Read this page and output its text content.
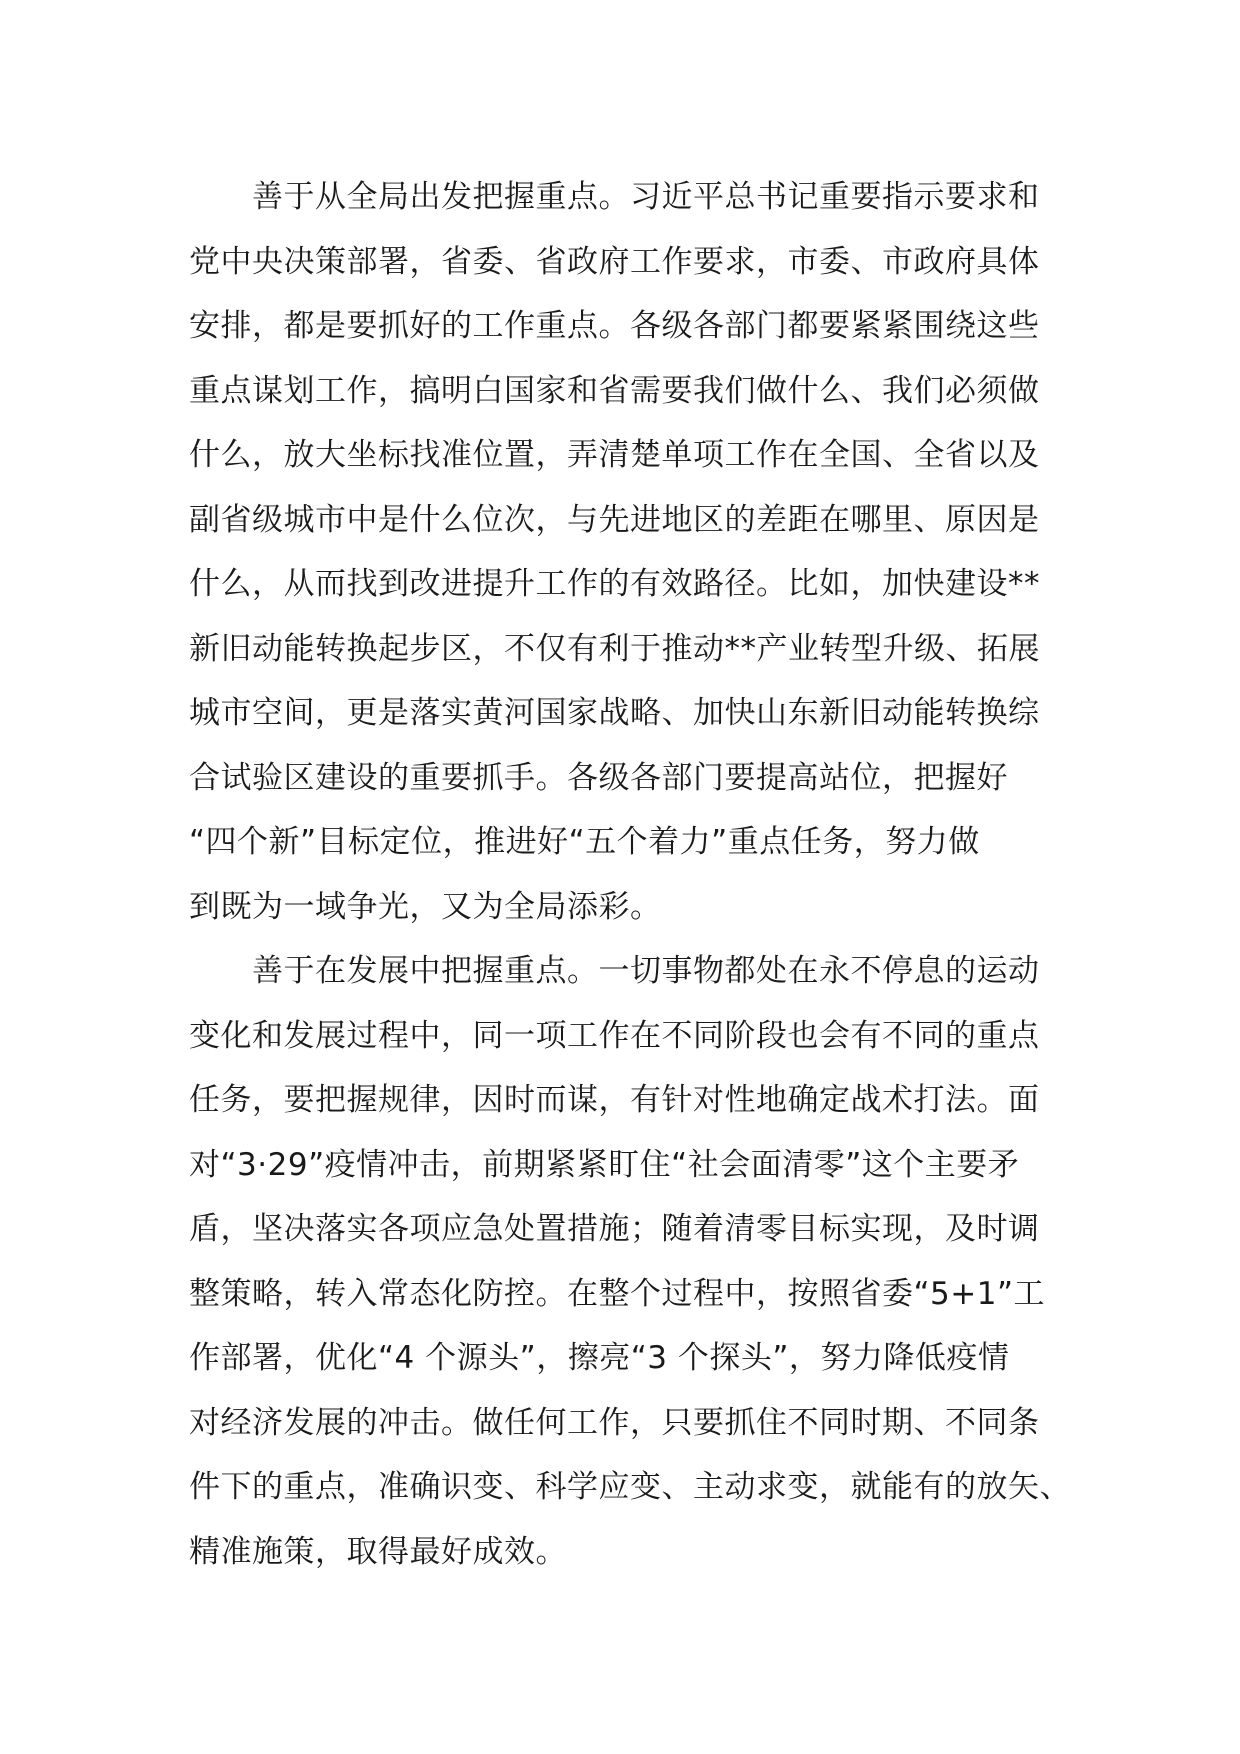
善于从全局出发把握重点。习近平总书记重要指示要求和
党中央决策部署，省委、省政府工作要求，市委、市政府具体
安排，都是要抓好的工作重点。各级各部门都要紧紧围绕这些
重点谋划工作，搞明白国家和省需要我们做什么、我们必须做
什么，放大坐标找准位置，弄清楚单项工作在全国、全省以及
副省级城市中是什么位次，与先进地区的差距在哪里、原因是
什么，从而找到改进提升工作的有效路径。比如，加快建设**
新旧动能转换起步区，不仅有利于推动**产业转型升级、拓展
城市空间，更是落实黄河国家战略、加快山东新旧动能转换综
合试验区建设的重要抓手。各级各部门要提高站位，把握好
“四个新”目标定位，推进好“五个着力”重点任务，努力做
到既为一域争光，又为全局添彩。
善于在发展中把握重点。一切事物都处在永不停息的运动
变化和发展过程中，同一项工作在不同阶段也会有不同的重点
任务，要把握规律，因时而谋，有针对性地确定战术打法。面
对“3·29”疫情冲击，前期紧紧盯住“社会面清零”这个主要矛
盾，坚决落实各项应急处置措施；随着清零目标实现，及时调
整策略，转入常态化防控。在整个过程中，按照省委“5+1”工
作部署，优化“4 个源头”，擦亮“3 个探头”，努力降低疫情
对经济发展的冲击。做任何工作，只要抓住不同时期、不同条
件下的重点，准确识变、科学应变、主动求变，就能有的放矢、
精准施策，取得最好成效。
